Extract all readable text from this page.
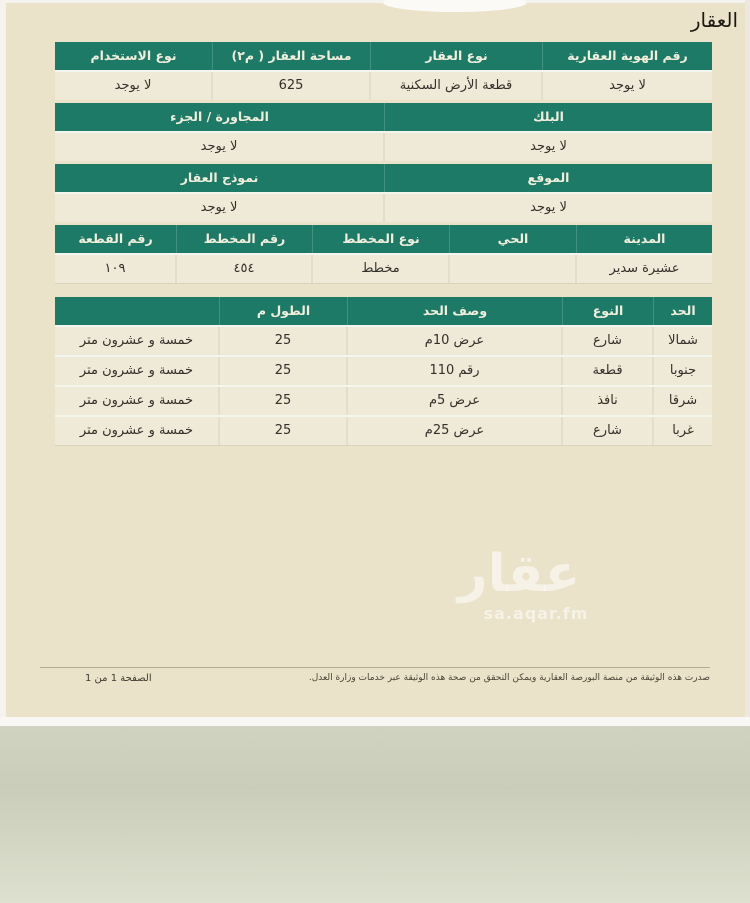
العقار
رقم الهوية العقارية
نوع العقار
مساحة العقار ( م٢)
نوع الاستخدام
لا يوجد
قطعة الأرض السكنية
625
لا يوجد
البلك
المجاورة / الجزء
لا يوجد
لا يوجد
الموقع
نموذج العقار
لا يوجد
لا يوجد
المدينة
الحي
نوع المخطط
رقم المخطط
رقم القطعة
عشيرة سدير
مخطط
٤٥٤
١٠٩
الحد
النوع
وصف الحد
الطول م
شمالا
شارع
عرض 10م
25
خمسة و عشرون متر
جنوبا
قطعة
رقم 110
25
خمسة و عشرون متر
شرقا
نافذ
عرض 5م
25
خمسة و عشرون متر
غربا
شارع
عرض 25م
25
خمسة و عشرون متر
عقار
sa.aqar.fm
صدرت هذه الوثيقة من منصة البورصة العقارية ويمكن التحقق من صحة هذه الوثيقة عبر خدمات وزارة العدل.
الصفحة 1 من 1
